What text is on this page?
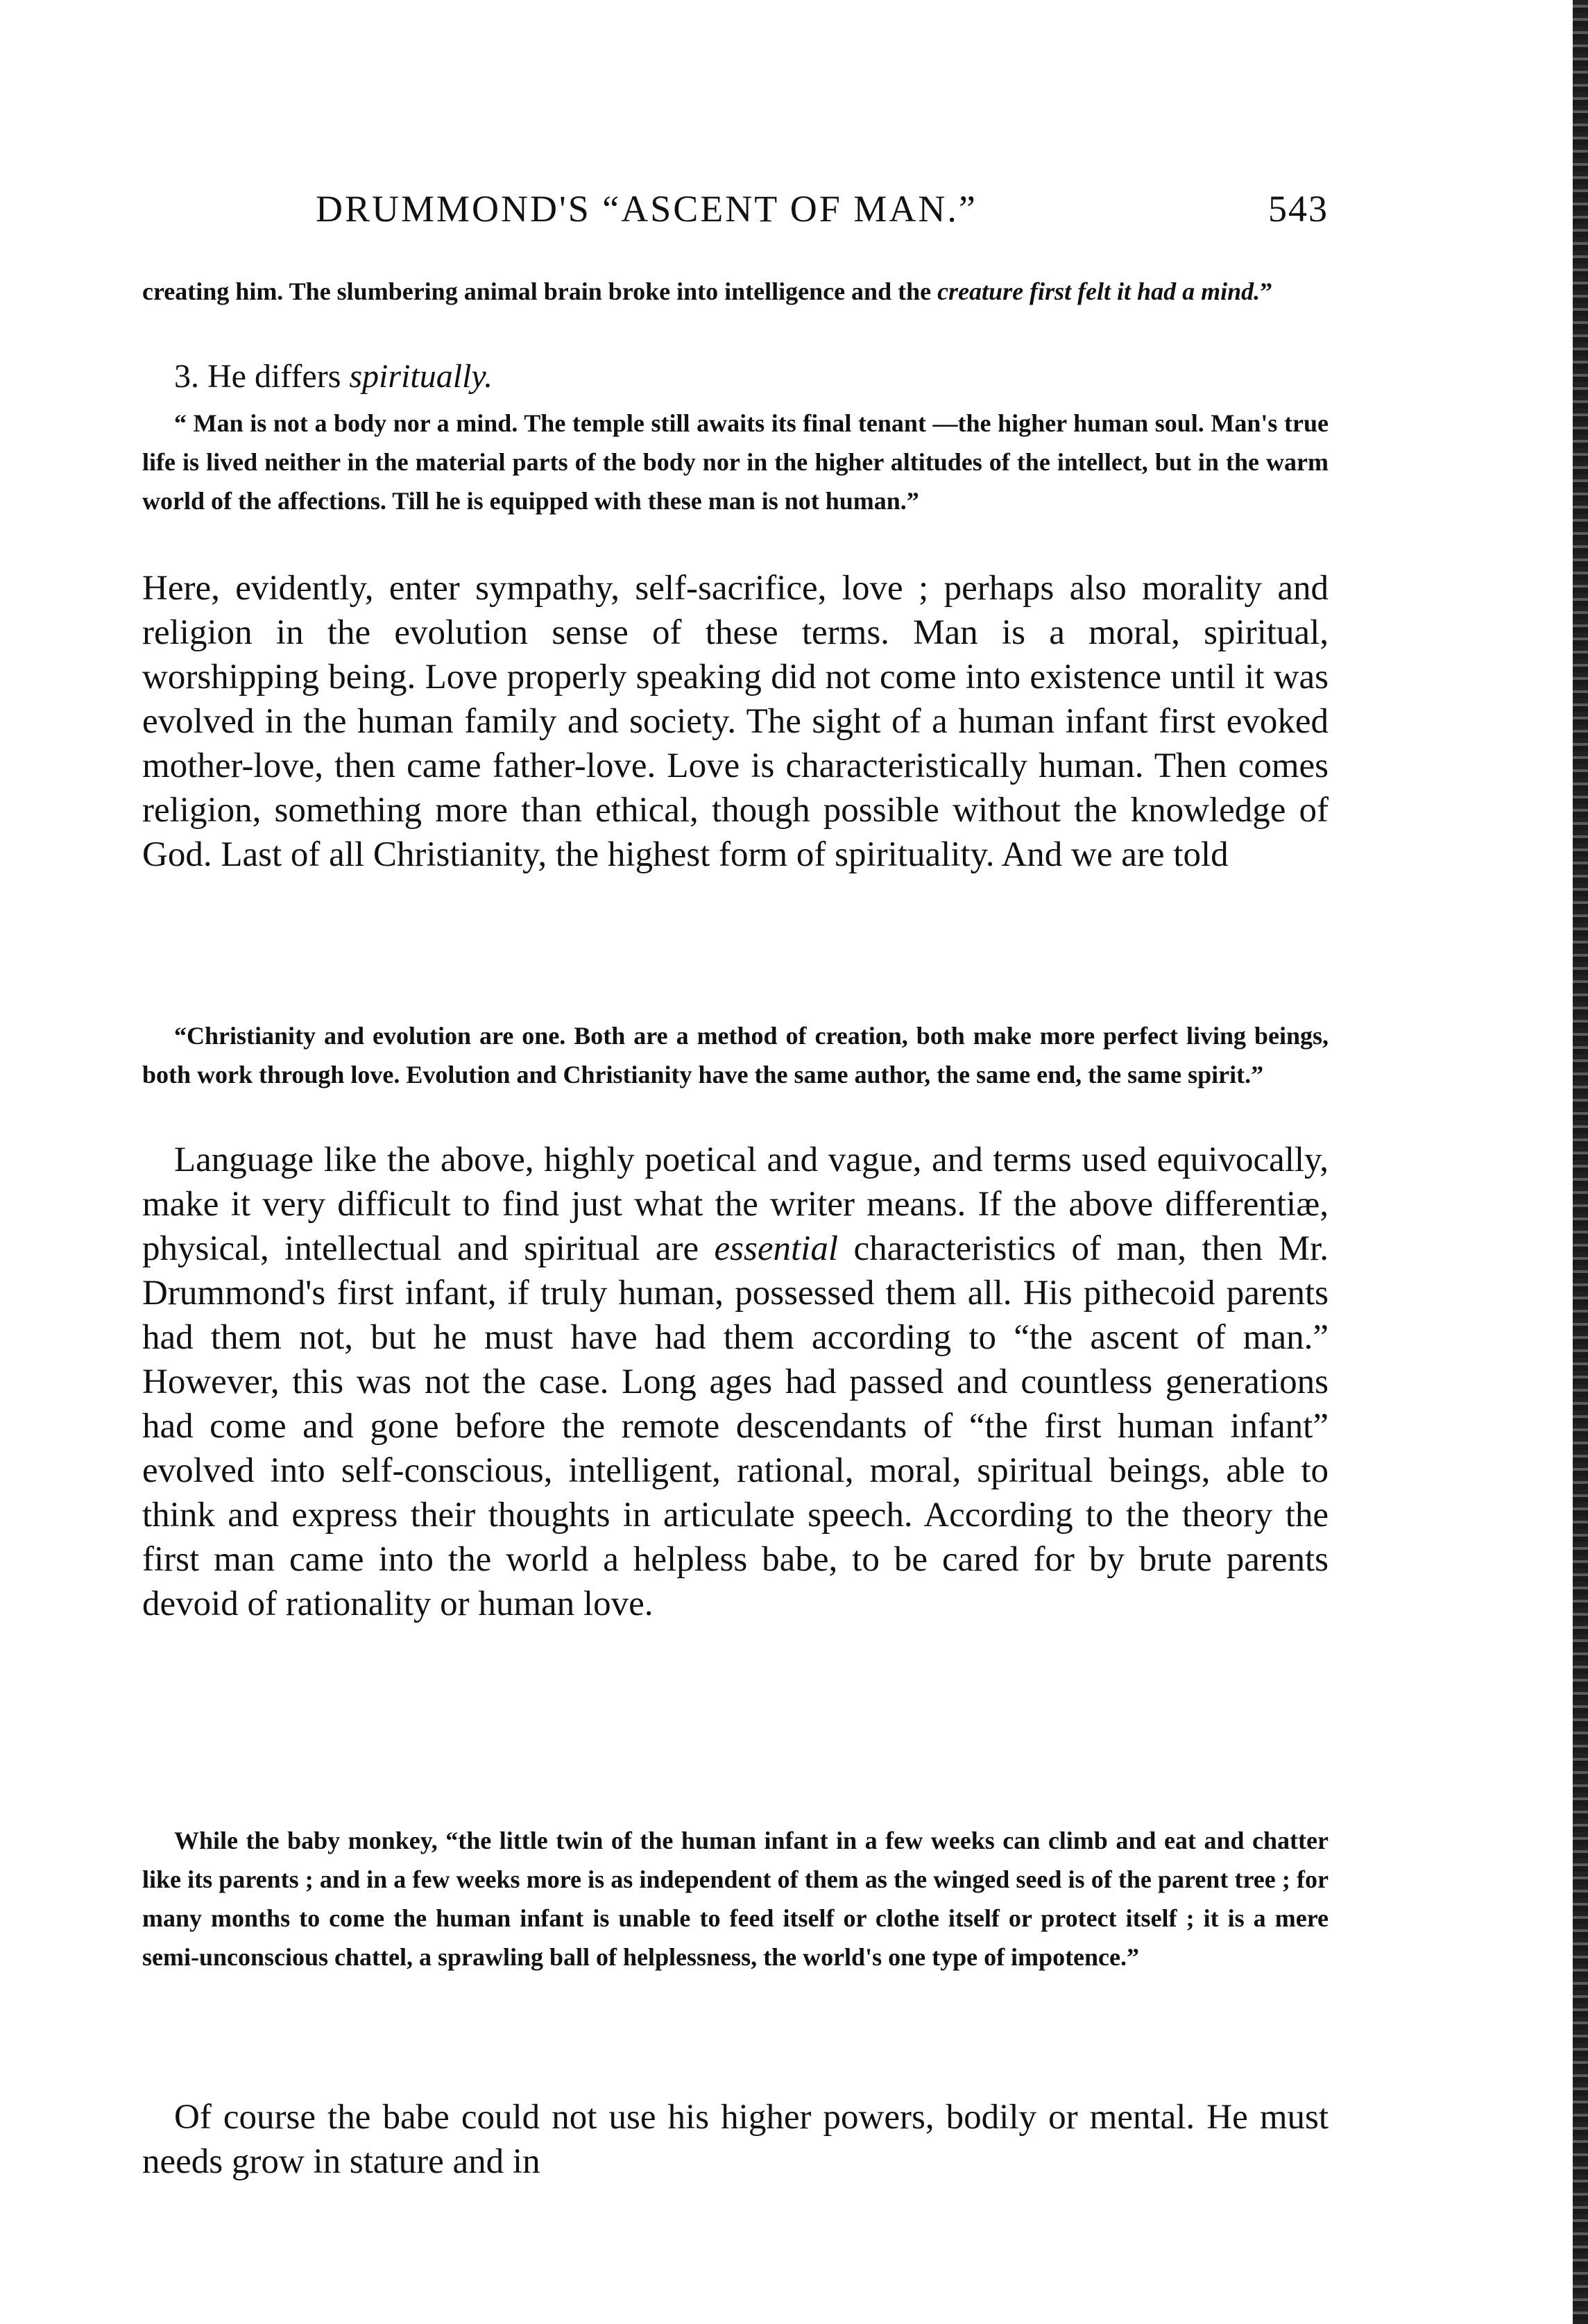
DRUMMOND'S “ASCENT OF MAN.”	543

creating him. The slumbering animal brain broke into intelligence and the creature first felt it had a mind.”

3. He differs spiritually.

“ Man is not a body nor a mind. The temple still awaits its final tenant —the higher human soul. Man's true life is lived neither in the material parts of the body nor in the higher altitudes of the intellect, but in the warm world of the affections. Till he is equipped with these man is not human.”

Here, evidently, enter sympathy, self-sacrifice, love ; perhaps also morality and religion in the evolution sense of these terms. Man is a moral, spiritual, worshipping being. Love properly speaking did not come into existence until it was evolved in the human family and society. The sight of a human infant first evoked mother-love, then came father-love. Love is characteristically human. Then comes religion, something more than ethical, though possible without the knowledge of God. Last of all Christianity, the highest form of spirituality. And we are told

“Christianity and evolution are one. Both are a method of creation, both make more perfect living beings, both work through love. Evolution and Christianity have the same author, the same end, the same spirit.”

Language like the above, highly poetical and vague, and terms used equivocally, make it very difficult to find just what the writer means. If the above differentiæ, physical, intellectual and spiritual are essential characteristics of man, then Mr. Drummond's first infant, if truly human, possessed them all. His pithecoid parents had them not, but he must have had them according to “the ascent of man.” However, this was not the case. Long ages had passed and countless generations had come and gone before the remote descendants of “the first human infant” evolved into self-conscious, intelligent, rational, moral, spiritual beings, able to think and express their thoughts in articulate speech. According to the theory the first man came into the world a helpless babe, to be cared for by brute parents devoid of rationality or human love.

While the baby monkey, “the little twin of the human infant in a few weeks can climb and eat and chatter like its parents ; and in a few weeks more is as independent of them as the winged seed is of the parent tree ; for many months to come the human infant is unable to feed itself or clothe itself or protect itself ; it is a mere semi-unconscious chattel, a sprawling ball of helplessness, the world's one type of impotence.”

Of course the babe could not use his higher powers, bodily or mental. He must needs grow in stature and in
